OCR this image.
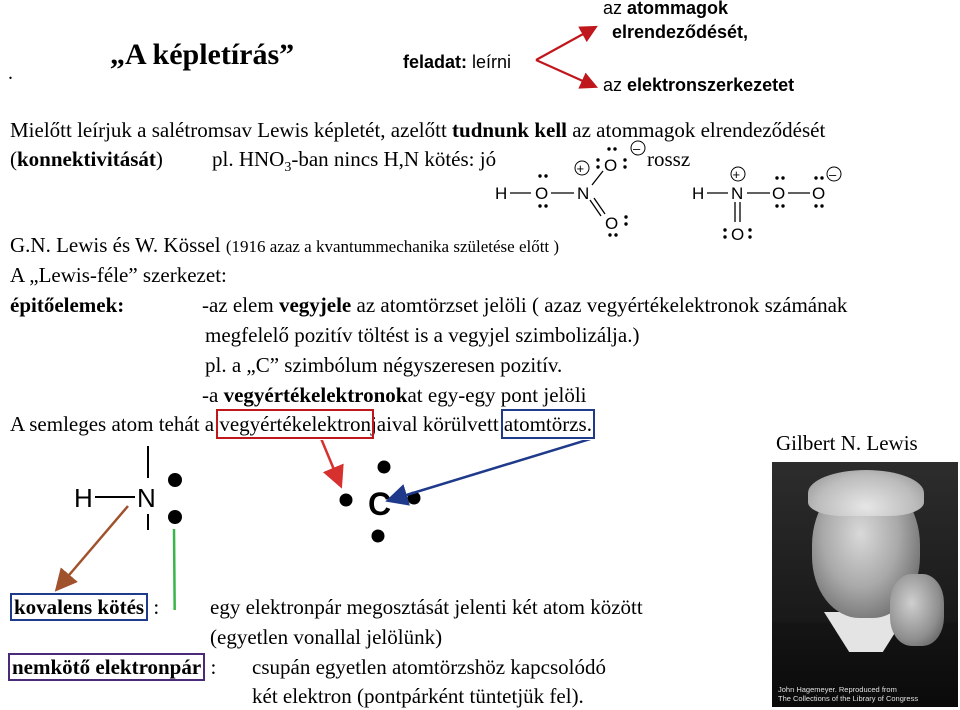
.
„A képletírás”	feladat: leírni
az atommagok
elrendeződését,
az elektronszerkezetet
Mielőtt leírjuk a salétromsav Lewis képletét, azelőtt tudnunk kell az atommagok elrendeződését
(konnektivitását) pl. $HNO_3$-ban nincs H,N kötés: jó	rossz
H O N
O
O
+
–
H N O O
O
+	–
G.N. Lewis és W. Kössel (1916 azaz a kvantummechanika születése előtt )
A „Lewis-féle” szerkezet:
épitőelemek:	-az elem vegyjele az atomtörzset jelöli ( azaz vegyértékelektronok számának
megfelelő pozitív töltést is a vegyjel szimbolizálja.)
pl. a „C” szimbólum négyszeresen pozitív.
-a vegyértékelektronokat egy-egy pont jelöli
A semleges atom tehát a vegyértékelektronjaival körülvett atomtörzs.
Gilbert N. Lewis
John Hagemeyer. Reproduced from
The Collections of the Library of Congress
H N	C
kovalens kötés : egy elektronpár megosztását jelenti két atom között
(egyetlen vonallal jelölünk)
nemkötő elektronpár : csupán egyetlen atomtörzshöz kapcsolódó
két elektron (pontpárként tüntetjük fel).
